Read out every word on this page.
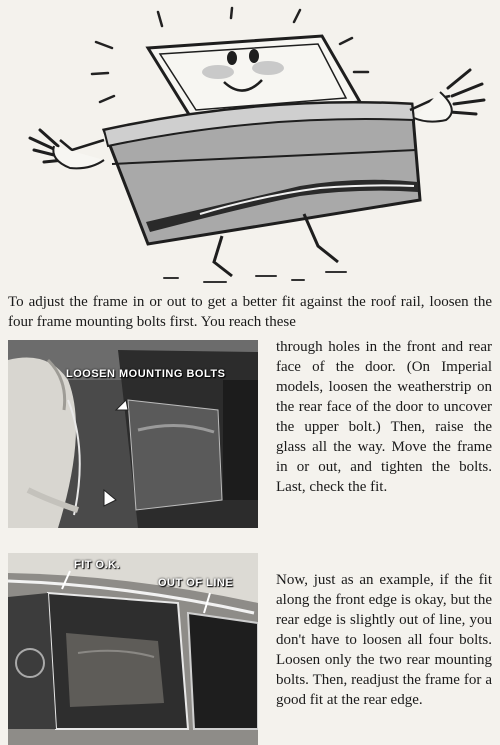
To adjust the frame in or out to get a better fit against the roof rail, loosen the four frame mounting bolts first. You reach these

LOOSEN MOUNTING BOLTS

through holes in the front and rear face of the door. (On Imperial models, loosen the weatherstrip on the rear face of the door to uncover the upper bolt.) Then, raise the glass all the way. Move the frame in or out, and tighten the bolts. Last, check the fit.

FIT O.K.
OUT OF LINE	Now, just as an example, if the fit along the front edge is okay, but the rear edge is slightly out of line, you don't have to loosen all four bolts. Loosen only the two rear mounting bolts. Then, readjust the frame for a good fit at the rear edge.
